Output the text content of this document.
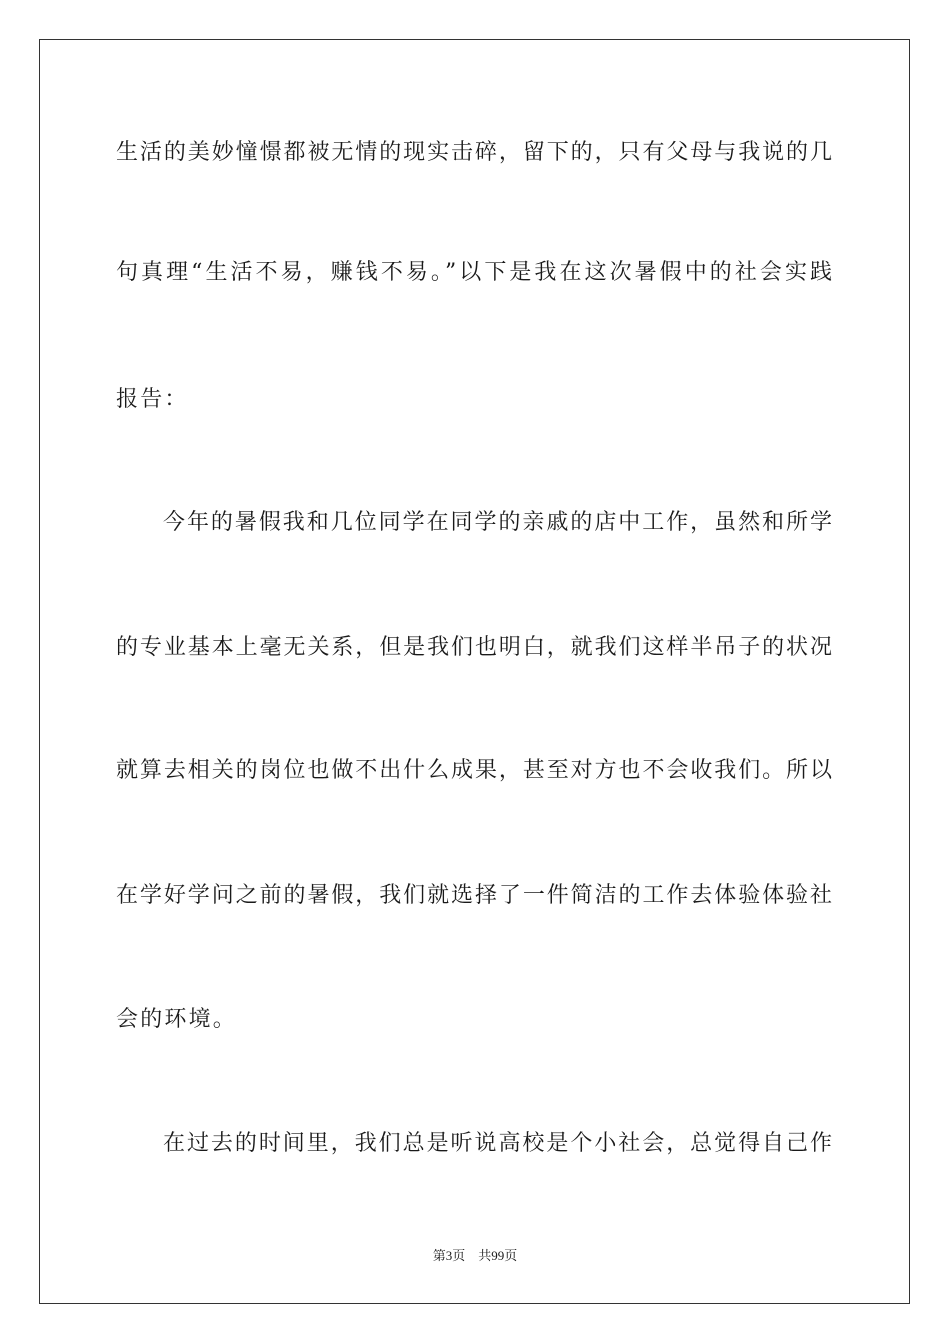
生活的美妙憧憬都被无情的现实击碎，留下的，只有父母与我说的几
句真理“生活不易，赚钱不易。”以下是我在这次暑假中的社会实践
报告：
今年的暑假我和几位同学在同学的亲戚的店中工作，虽然和所学
的专业基本上毫无关系，但是我们也明白，就我们这样半吊子的状况
就算去相关的岗位也做不出什么成果，甚至对方也不会收我们。所以
在学好学问之前的暑假，我们就选择了一件简洁的工作去体验体验社
会的环境。
在过去的时间里，我们总是听说高校是个小社会，总觉得自己作
第3页 共99页
